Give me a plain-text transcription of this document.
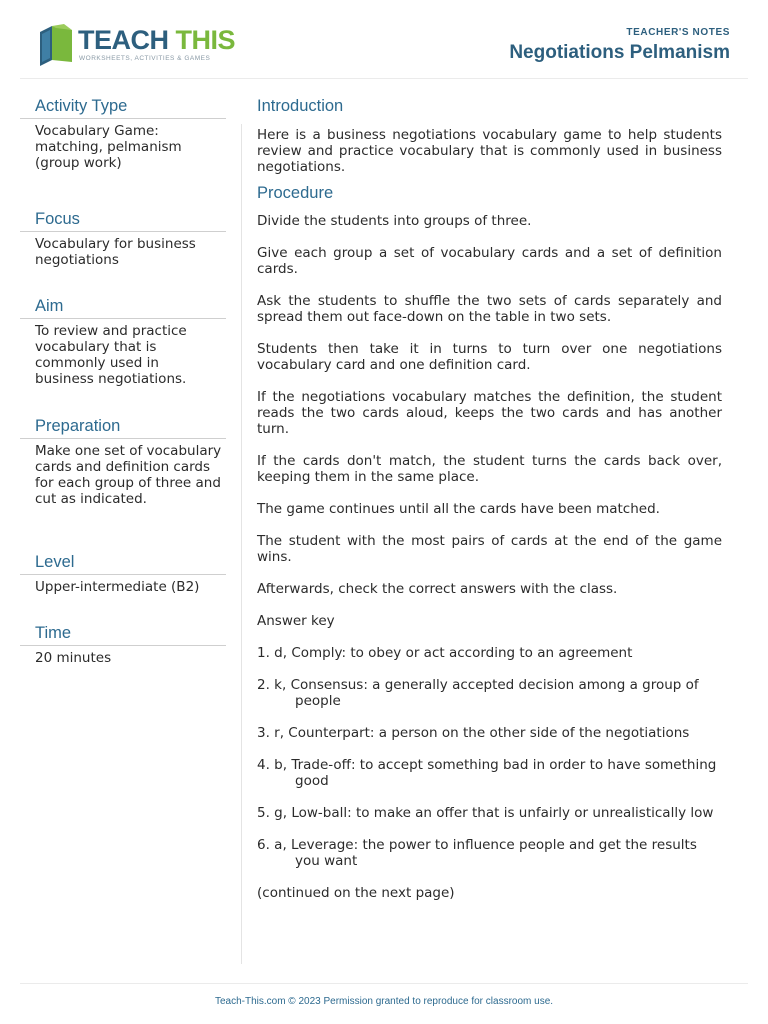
TEACH THIS
WORKSHEETS, ACTIVITIES & GAMES
TEACHER'S NOTES
Negotiations Pelmanism
Activity Type
Vocabulary Game: matching, pelmanism (group work)
Focus
Vocabulary for business negotiations
Aim
To review and practice vocabulary that is commonly used in business negotiations.
Preparation
Make one set of vocabulary cards and definition cards for each group of three and cut as indicated.
Level
Upper-intermediate (B2)
Time
20 minutes
Introduction

Here is a business negotiations vocabulary game to help students review and practice vocabulary that is commonly used in business negotiations.

Procedure

Divide the students into groups of three.

Give each group a set of vocabulary cards and a set of definition cards.

Ask the students to shuffle the two sets of cards separately and spread them out face-down on the table in two sets.

Students then take it in turns to turn over one negotiations vocabulary card and one definition card.

If the negotiations vocabulary matches the definition, the student reads the two cards aloud, keeps the two cards and has another turn.

If the cards don't match, the student turns the cards back over, keeping them in the same place.

The game continues until all the cards have been matched.

The student with the most pairs of cards at the end of the game wins.

Afterwards, check the correct answers with the class.

Answer key

1. d, Comply: to obey or act according to an agreement

2. k, Consensus: a generally accepted decision among a group of people

3. r, Counterpart: a person on the other side of the negotiations

4. b, Trade-off: to accept something bad in order to have something good

5. g, Low-ball: to make an offer that is unfairly or unrealistically low

6. a, Leverage: the power to influence people and get the results you want

(continued on the next page)

Teach-This.com © 2023 Permission granted to reproduce for classroom use.
